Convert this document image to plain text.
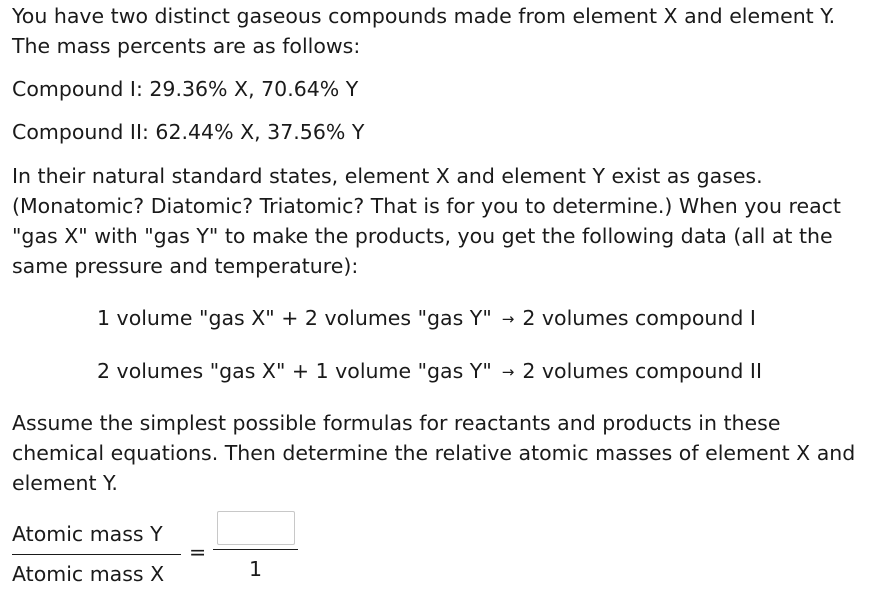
You have two distinct gaseous compounds made from element X and element Y. The mass percents are as follows:

Compound I: 29.36% X, 70.64% Y

Compound II: 62.44% X, 37.56% Y

In their natural standard states, element X and element Y exist as gases. (Monatomic? Diatomic? Triatomic? That is for you to determine.) When you react "gas X" with "gas Y" to make the products, you get the following data (all at the same pressure and temperature):

1 volume "gas X" + 2 volumes "gas Y" → 2 volumes compound I
2 volumes "gas X" + 1 volume "gas Y" → 2 volumes compound II

Assume the simplest possible formulas for reactants and products in these chemical equations. Then determine the relative atomic masses of element X and element Y.

Atomic mass Y
Atomic mass X
=
1
